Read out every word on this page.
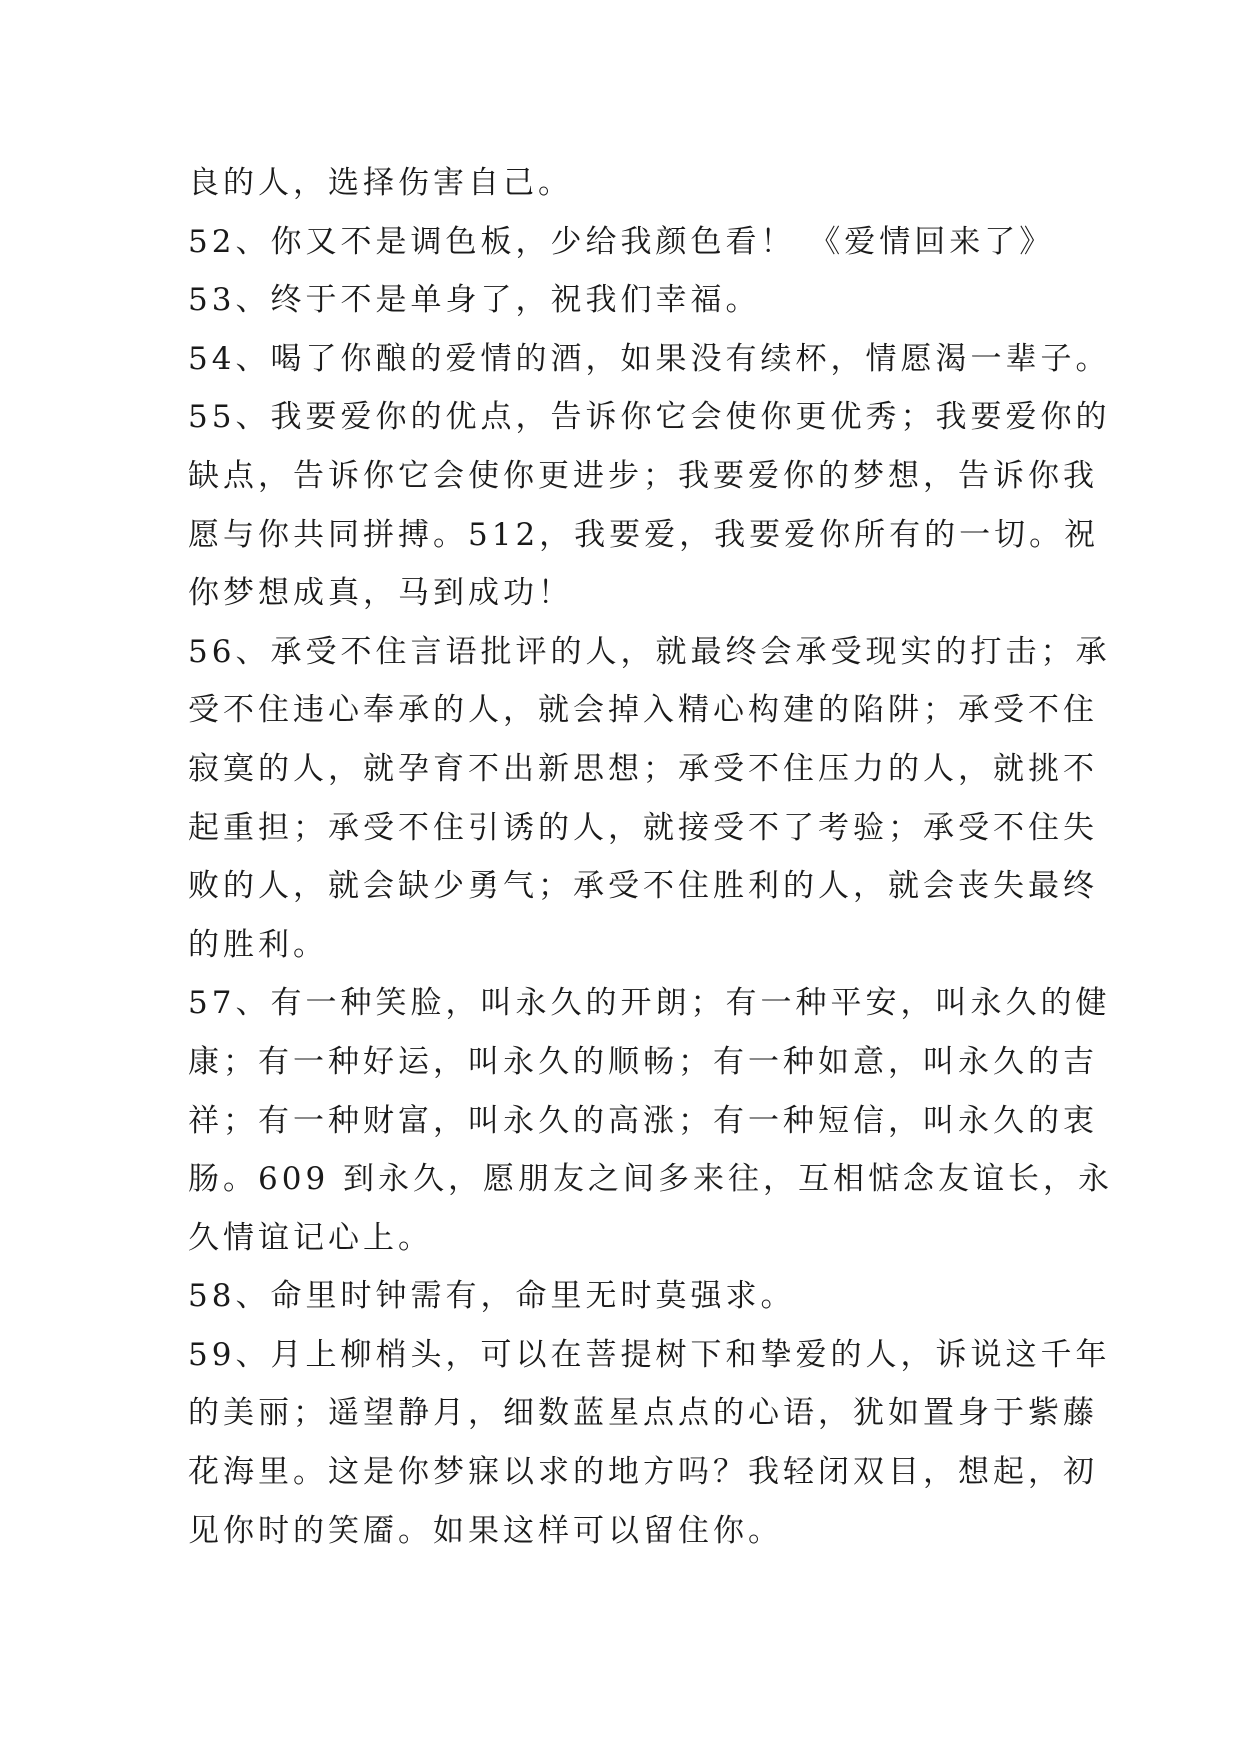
良的人，选择伤害自己。
52、你又不是调色板，少给我颜色看！ 《爱情回来了》
53、终于不是单身了，祝我们幸福。
54、喝了你酿的爱情的酒，如果没有续杯，情愿渴一辈子。
55、我要爱你的优点，告诉你它会使你更优秀；我要爱你的
缺点，告诉你它会使你更进步；我要爱你的梦想，告诉你我
愿与你共同拼搏。512，我要爱，我要爱你所有的一切。祝
你梦想成真，马到成功！
56、承受不住言语批评的人，就最终会承受现实的打击；承
受不住违心奉承的人，就会掉入精心构建的陷阱；承受不住
寂寞的人，就孕育不出新思想；承受不住压力的人，就挑不
起重担；承受不住引诱的人，就接受不了考验；承受不住失
败的人，就会缺少勇气；承受不住胜利的人，就会丧失最终
的胜利。
57、有一种笑脸，叫永久的开朗；有一种平安，叫永久的健
康；有一种好运，叫永久的顺畅；有一种如意，叫永久的吉
祥；有一种财富，叫永久的高涨；有一种短信，叫永久的衷
肠。609 到永久，愿朋友之间多来往，互相惦念友谊长，永
久情谊记心上。
58、命里时钟需有，命里无时莫强求。
59、月上柳梢头，可以在菩提树下和挚爱的人，诉说这千年
的美丽；遥望静月，细数蓝星点点的心语，犹如置身于紫藤
花海里。这是你梦寐以求的地方吗？我轻闭双目，想起，初
见你时的笑靥。如果这样可以留住你。
